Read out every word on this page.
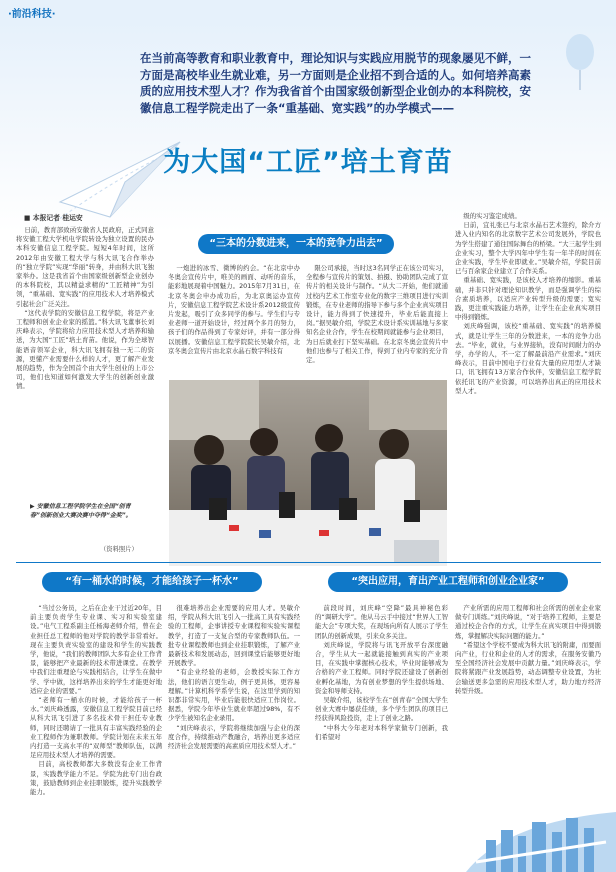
·前沿科技·
在当前高等教育和职业教育中，理论知识与实践应用脱节的现象屡见不鲜，一方面是高校毕业生就业难，另一方面则是企业招不到合适的人。如何培养高素质的应用技术型人才？作为我省首个由国家级创新型企业创办的本科院校，安徽信息工程学院走出了一条“重基础、宽实践”的办学模式——
为大国“工匠”培土育苗
■ 本报记者 桂运安

日前，教育部致函安徽省人民政府，正式同意将安徽工程大学机电学院转设为独立设置的民办本科安徽信息工程学院。短短4年时间，这所2012年由安徽工程大学与科大讯飞合作举办的“独立学院”实现“华丽”转身，并由科大讯飞独家举办。这是我省首个由国家级创新型企业创办的本科院校，其以精益求精的“工匠精神”为引领，“重基础、宽实践”的应用技术人才培养模式引起社会广泛关注。

“这代表学院的安徽信息工程学院，将是产业工程师和创业企业家的摇篮。”科大讯飞董事长刘庆峰表示，学院将给力应用技术型人才培养和输送，为大国“工匠”培土育苗。他说，作为全球智能语音领军企业，科大讯飞拥有独一无二的资源，更懂产业需要什么样的人才，更了解产业发展的趋势，作为全国首个由大学生创业的上市公司，他们也知道如何激发大学生的创新创业激情。

▶ 安徽信息工程学院学生在全国“创青春”创新创业大赛决赛中夺得“金奖”。
（资料照片）
“三本的分数进来，一本的竞争力出去”

一炮进的冰雪、微博的约会。“在北京中办冬奥会宣传片中，唯美的画面、动听的音乐，能彩地展现着中国魅力。2015年7月31日，在北京冬奥会申办成功后，为北京奥运办宣传片，安徽信息工程学院艺术设计系2012级宣传片发起，吸引了众多同学的参与。学生们与专业老师一道开始设计，经过两个多月的努力，孩子们的作品得到了专家好评，并有一部分得以展播。安徽信息工程学院院长吴敏介绍，北京冬奥会宣传片由北京水晶石数字科技有

限公司承接，当时这3名同学正在该公司实习，全程参与宣传片的策划、拍摄、协助团队完成了宣传片的相关设计与制作。“从大二开始，他们就通过校内艺术工作室专业化的数字三维项目进行实训锻炼，在专业老师的指导下参与多个企业真实项目设计，能力得到了快速提升，毕业后能直接上岗。”据吴敏介绍，学院艺术设计系实训基地与多家知名企业合作，学生在校期间就能参与企业项目，为日后就业打下坚实基础。在北京冬奥会宣传片中他们也参与了相关工作，得到了业内专家的充分肯定。

级的实习鉴定成绩。

日前，宜礼张已与北京水晶石艺术签约，除介方进入业内知名的北京数字艺术公司发展外，学院也为学生搭建了通往国际舞台的桥梁。“大三起学生到企业实习，整个大学四年中学生有一年半的时间在企业实践，学生毕业即就业。”吴敏介绍，学院目前已与百余家企业建立了合作关系。

重基础、宽实践，是该校人才培养的缩影。重基础，并非只针对理论知识教学，而是强调学生的综合素质培养，以适应产业转型升级的需要；宽实践，更注重实践能力培养，让学生在企业真实项目中得到锻炼。

刘庆峰强调，该校“重基础、宽实践”的培养模式，就是让学生三年的分数进来，一本的竞争力出去。“毕业，就业，与业界接轨，没有时间耐力的办学，办学的人，不一定了解最前沿产业需求。”刘庆峰表示，目前中国电子行业有大量的应用型人才缺口，讯飞拥有13万家合作伙伴，安徽信息工程学院依托讯飞的产业资源，可以培养出真正的应用技术型人才。

“有一桶水的时候，才能给孩子一杯水”	“突出应用，育出产业工程师和创业企业家”

“当过公务员，之后在企业干过近20年，目前主要负责学生专业课、实习和实验室建设。”电气工程系副主任杨海老师介绍，曾在企业担任总工程师的他对学院的教学非常看好。现在主要负责实验室的建设和学生的实践教学，他说，“我们的教师团队大多有企业工作背景，能够把产业最新的技术带进课堂。在教学中我们注重理论与实践相结合，让学生在做中学、学中做，这样培养出来的学生才能更好地适应企业的需要。”

“老师有一桶水的时候，才能给孩子一杯水。”刘庆峰透露，安徽信息工程学院目前已经从科大讯飞引进了多名技术骨干担任专业教师，同时还聘请了一批具有丰富实践经验的企业工程师作为兼职教师。学院计划在未来五年内打造一支高水平的“双师型”教师队伍，以满足应用技术型人才培养的需要。

目前，高校教师都大多数没有企业工作背景，实践教学能力不足。学院为此专门出台政策，鼓励教师到企业挂职锻炼，提升实践教学能力。

很难培养出企业需要的应用人才。吴敏介绍，学院从科大讯飞引入一批高工具有实践经验的工程师，企事讲授专业课程和实验实课程教学，打造了一支复合型的专家教师队伍。一批专业课程教师也到企业挂职锻炼，了解产业最新技术和发展动态，回到课堂后能够更好地开展教学。

“有企业经验的老师，会教授实际工作方法，他们的语言更生动，例子更具体，更容易理解。”计算机科学系学生说，在这里学到的知识都非常实用，毕业后能很快适应工作岗位。据悉，学院今年毕业生就业率超过98%，有不少学生被知名企业录用。

“刘庆峰表示，学院将继续加强与企业的深度合作，持续推动产教融合，培养出更多适应经济社会发展需要的高素质应用技术型人才。”

前段时间，刘庆峰“空降”最具神秘色彩的“调研大学”。他从马云手中接过“世界人工智能大会”专项大奖，在现场向所有人展示了学生团队的创新成果，引来众多关注。

刘庆峰说，学院将与讯飞开放平台深度融合，学生从大一起就能接触到真实的产业项目，在实践中掌握核心技术，毕业时能够成为合格的产业工程师。同时学院还建设了创新创业孵化基地，为有创业梦想的学生提供场地、资金和导师支持。

吴敏介绍，该校学生在“创青春”全国大学生创业大赛中屡获佳绩，多个学生团队的项目已经获得风险投资，走上了创业之路。

“中科大今年老对本科学家做专门创新，我们希望对

产业所需的应用工程师和社会所需的创业企业家做专门训练。”刘庆峰说，“对于培养工程师，主要是通过校企合作的方式，让学生在真实项目中得到锻炼，掌握解决实际问题的能力。”

“希望这个学校不要成为科大讯飞的附庸，而要面向产业，行业和企业的人才的需求，在服务安徽乃至全国经济社会发展中贡献力量。”刘庆峰表示，学院将紧跟产业发展趋势，动态调整专业设置，为社会输送更多急需的应用技术型人才，助力地方经济转型升级。
